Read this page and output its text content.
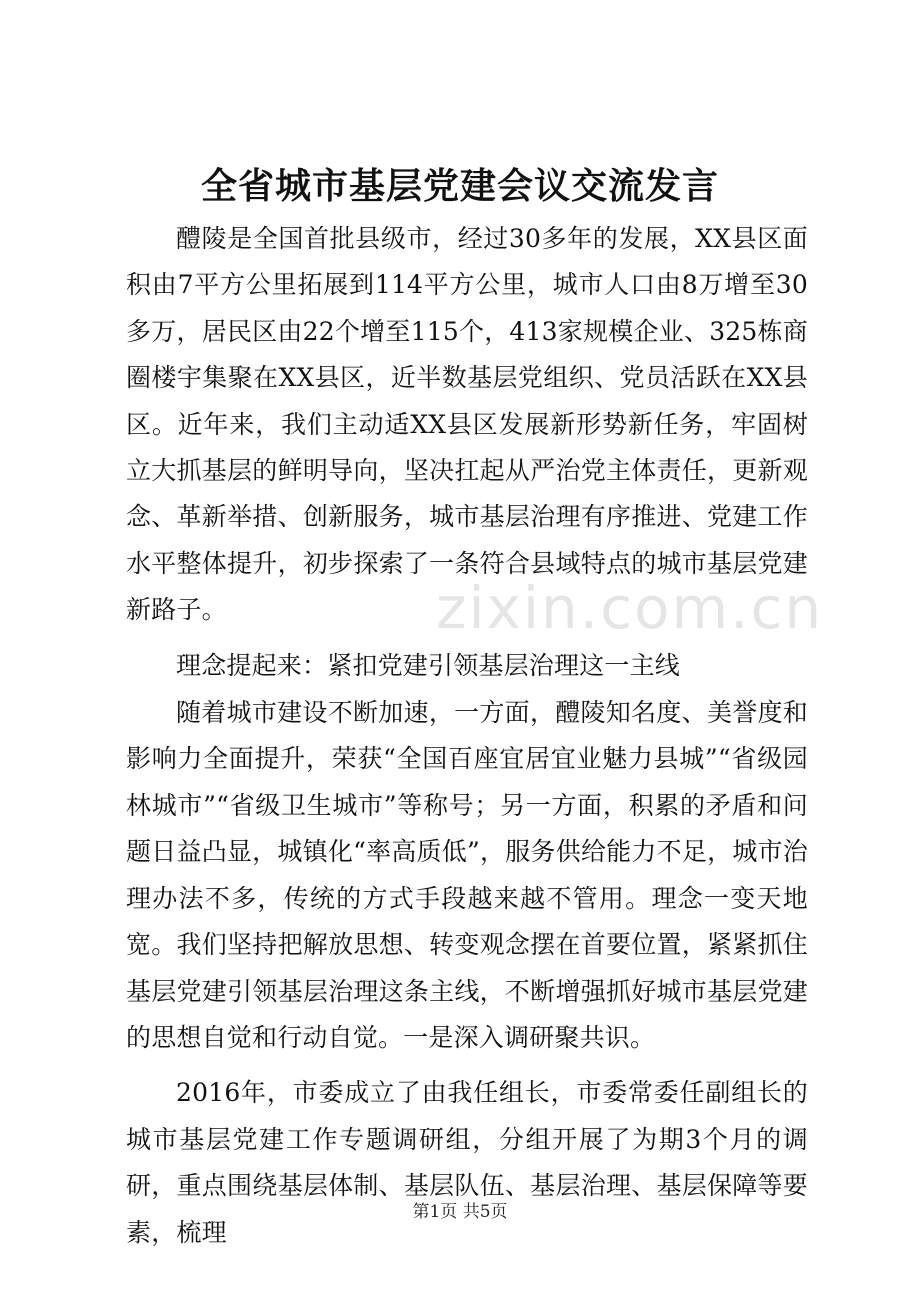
全省城市基层党建会议交流发言

醴陵是全国首批县级市，经过30多年的发展，XX县区面积由7平方公里拓展到114平方公里，城市人口由8万增至30多万，居民区由22个增至115个，413家规模企业、325栋商圈楼宇集聚在XX县区，近半数基层党组织、党员活跃在XX县区。近年来，我们主动适XX县区发展新形势新任务，牢固树立大抓基层的鲜明导向，坚决扛起从严治党主体责任，更新观念、革新举措、创新服务，城市基层治理有序推进、党建工作水平整体提升，初步探索了一条符合县域特点的城市基层党建新路子。

理念提起来：紧扣党建引领基层治理这一主线

随着城市建设不断加速，一方面，醴陵知名度、美誉度和影响力全面提升，荣获“全国百座宜居宜业魅力县城”“省级园林城市”“省级卫生城市”等称号；另一方面，积累的矛盾和问题日益凸显，城镇化“率高质低”，服务供给能力不足，城市治理办法不多，传统的方式手段越来越不管用。理念一变天地宽。我们坚持把解放思想、转变观念摆在首要位置，紧紧抓住基层党建引领基层治理这条主线，不断增强抓好城市基层党建的思想自觉和行动自觉。一是深入调研聚共识。

2016年，市委成立了由我任组长，市委常委任副组长的城市基层党建工作专题调研组，分组开展了为期3个月的调研，重点围绕基层体制、基层队伍、基层治理、基层保障等要素，梳理

zixin.com.cn
第1页 共5页
